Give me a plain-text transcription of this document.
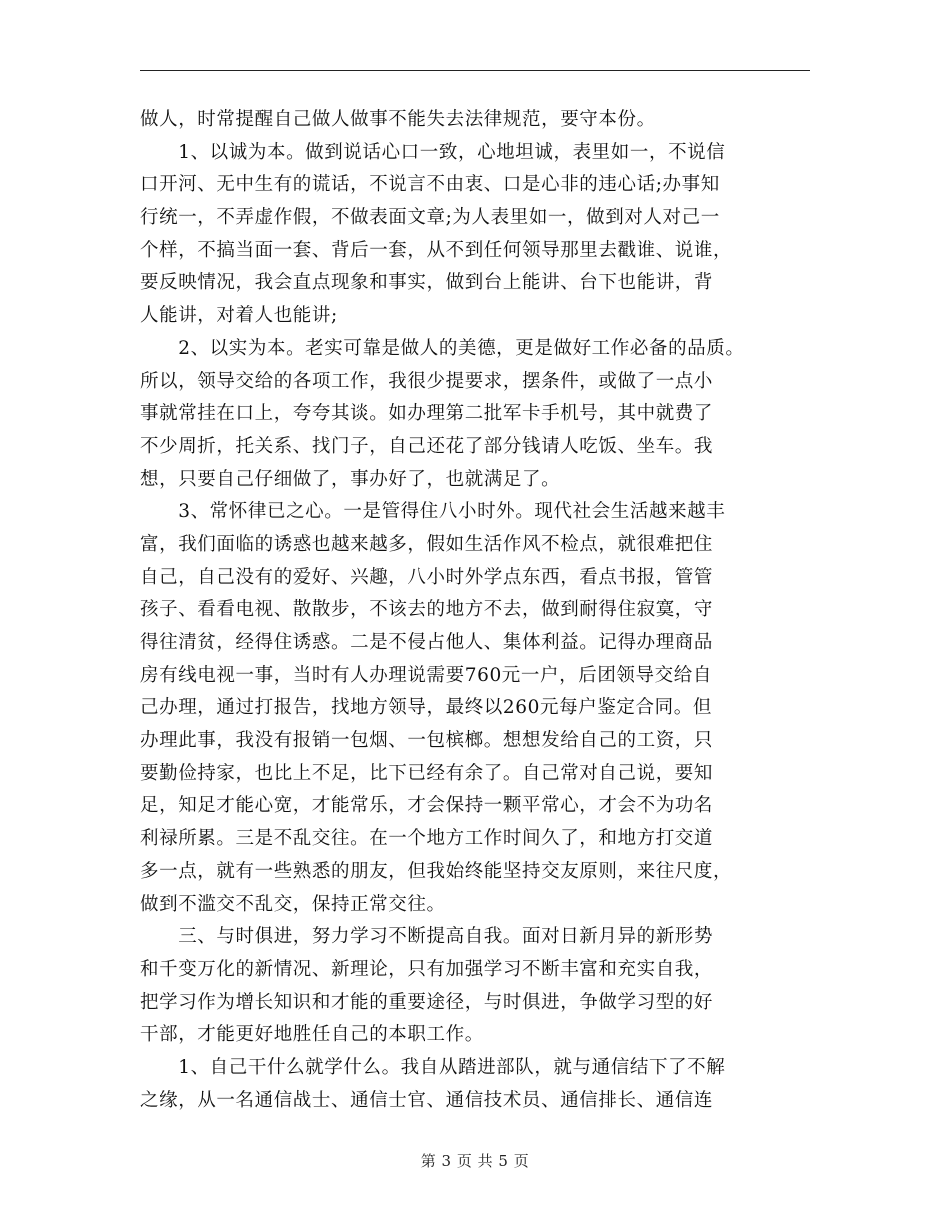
做人，时常提醒自己做人做事不能失去法律规范，要守本份。
　　1、以诚为本。做到说话心口一致，心地坦诚，表里如一，不说信
口开河、无中生有的谎话，不说言不由衷、口是心非的违心话;办事知
行统一，不弄虚作假，不做表面文章;为人表里如一，做到对人对己一
个样，不搞当面一套、背后一套，从不到任何领导那里去戳谁、说谁，
要反映情况，我会直点现象和事实，做到台上能讲、台下也能讲，背
人能讲，对着人也能讲;
　　2、以实为本。老实可靠是做人的美德，更是做好工作必备的品质。
所以，领导交给的各项工作，我很少提要求，摆条件，或做了一点小
事就常挂在口上，夸夸其谈。如办理第二批军卡手机号，其中就费了
不少周折，托关系、找门子，自己还花了部分钱请人吃饭、坐车。我
想，只要自己仔细做了，事办好了，也就满足了。
　　3、常怀律已之心。一是管得住八小时外。现代社会生活越来越丰
富，我们面临的诱惑也越来越多，假如生活作风不检点，就很难把住
自己，自己没有的爱好、兴趣，八小时外学点东西，看点书报，管管
孩子、看看电视、散散步，不该去的地方不去，做到耐得住寂寞，守
得往清贫，经得住诱惑。二是不侵占他人、集体利益。记得办理商品
房有线电视一事，当时有人办理说需要760元一户，后团领导交给自
己办理，通过打报告，找地方领导，最终以260元每户鉴定合同。但
办理此事，我没有报销一包烟、一包槟榔。想想发给自己的工资，只
要勤俭持家，也比上不足，比下已经有余了。自己常对自己说，要知
足，知足才能心宽，才能常乐，才会保持一颗平常心，才会不为功名
利禄所累。三是不乱交往。在一个地方工作时间久了，和地方打交道
多一点，就有一些熟悉的朋友，但我始终能坚持交友原则，来往尺度，
做到不滥交不乱交，保持正常交往。
　　三、与时俱进，努力学习不断提高自我。面对日新月异的新形势
和千变万化的新情况、新理论，只有加强学习不断丰富和充实自我，
把学习作为增长知识和才能的重要途径，与时俱进，争做学习型的好
干部，才能更好地胜任自己的本职工作。
　　1、自己干什么就学什么。我自从踏进部队，就与通信结下了不解
之缘，从一名通信战士、通信士官、通信技术员、通信排长、通信连
第 3 页 共 5 页
